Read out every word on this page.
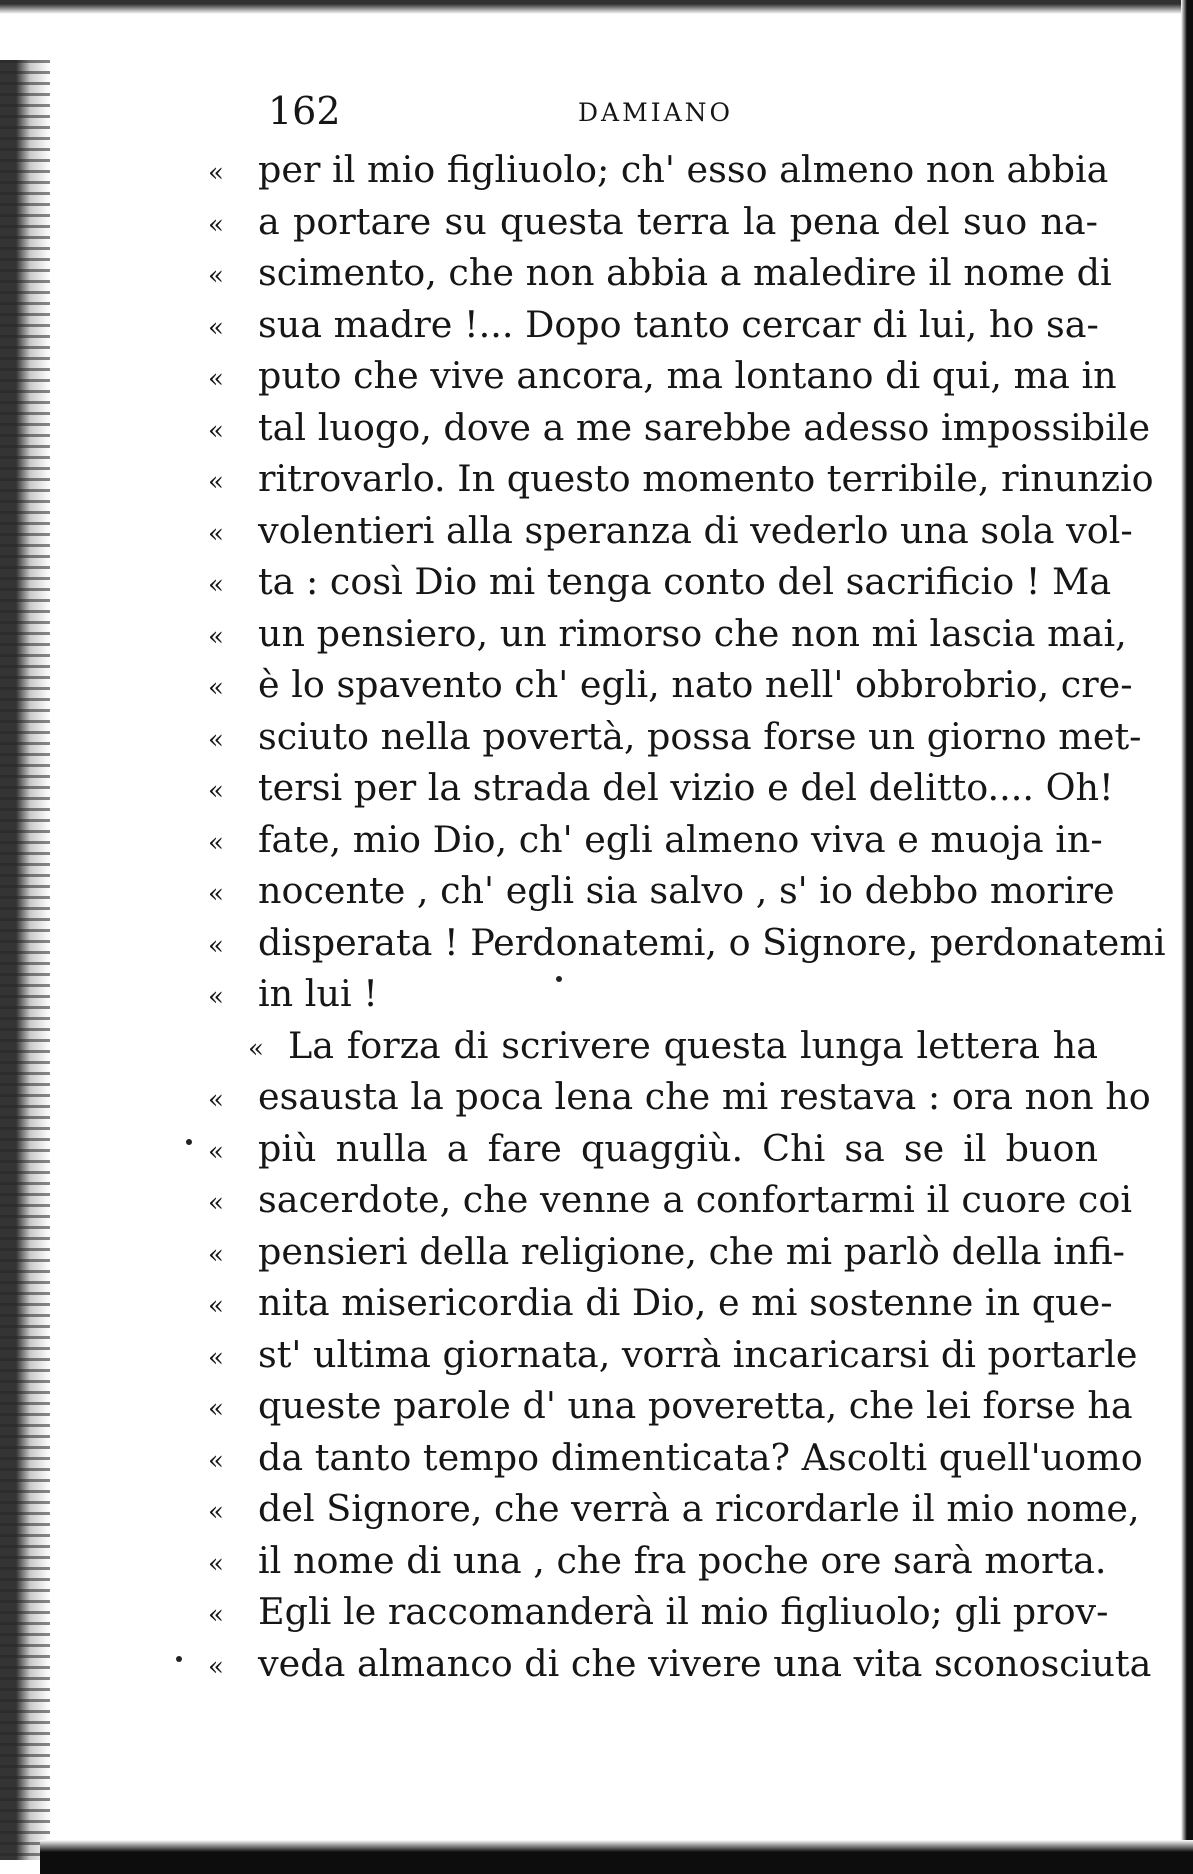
162	DAMIANO
« per il mio figliuolo; ch' esso almeno non abbia
« a portare su questa terra la pena del suo na-
« scimento, che non abbia a maledire il nome di
« sua madre !... Dopo tanto cercar di lui, ho sa-
« puto che vive ancora, ma lontano di qui, ma in
« tal luogo, dove a me sarebbe adesso impossibile
« ritrovarlo. In questo momento terribile, rinunzio
« volentieri alla speranza di vederlo una sola vol-
« ta : così Dio mi tenga conto del sacrificio ! Ma
« un pensiero, un rimorso che non mi lascia mai,
« è lo spavento ch' egli, nato nell' obbrobrio, cre-
« sciuto nella povertà, possa forse un giorno met-
« tersi per la strada del vizio e del delitto.... Oh!
« fate, mio Dio, ch' egli almeno viva e muoja in-
« nocente , ch' egli sia salvo , s' io debbo morire
« disperata ! Perdonatemi, o Signore, perdonatemi
« in lui !
« La forza di scrivere questa lunga lettera ha
« esausta la poca lena che mi restava : ora non ho
« più nulla a fare quaggiù. Chi sa se il buon
« sacerdote, che venne a confortarmi il cuore coi
« pensieri della religione, che mi parlò della infi-
« nita misericordia di Dio, e mi sostenne in que-
« st' ultima giornata, vorrà incaricarsi di portarle
« queste parole d' una poveretta, che lei forse ha
« da tanto tempo dimenticata? Ascolti quell'uomo
« del Signore, che verrà a ricordarle il mio nome,
« il nome di una , che fra poche ore sarà morta.
« Egli le raccomanderà il mio figliuolo; gli prov-
« veda almanco di che vivere una vita sconosciuta
